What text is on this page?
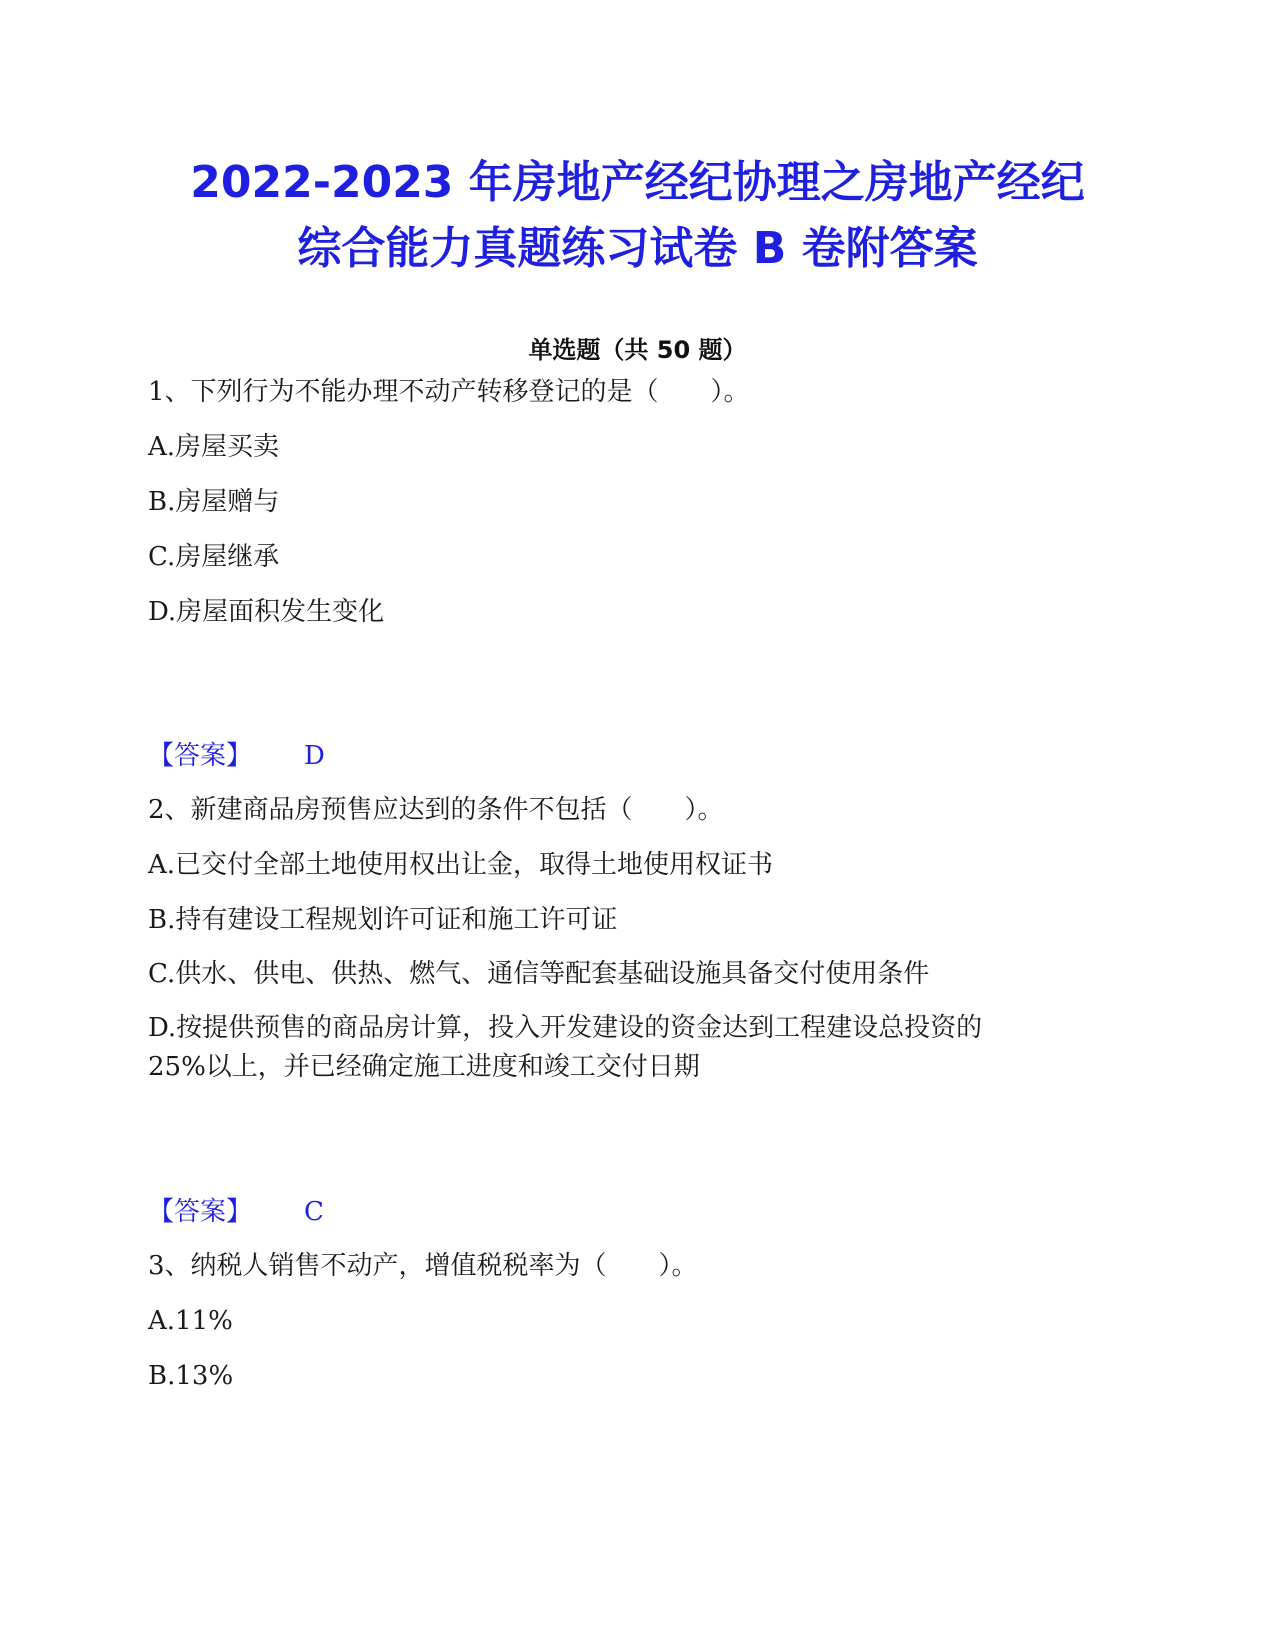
2022-2023 年房地产经纪协理之房地产经纪
综合能力真题练习试卷 B 卷附答案
单选题（共 50 题）

1、下列行为不能办理不动产转移登记的是（　　）。

A.房屋买卖

B.房屋赠与

C.房屋继承

D.房屋面积发生变化

【答案】 D

2、新建商品房预售应达到的条件不包括（　　）。

A.已交付全部土地使用权出让金，取得土地使用权证书

B.持有建设工程规划许可证和施工许可证

C.供水、供电、供热、燃气、通信等配套基础设施具备交付使用条件

D.按提供预售的商品房计算，投入开发建设的资金达到工程建设总投资的

25%以上，并已经确定施工进度和竣工交付日期

【答案】 C

3、纳税人销售不动产，增值税税率为（　　）。

A.11%

B.13%
